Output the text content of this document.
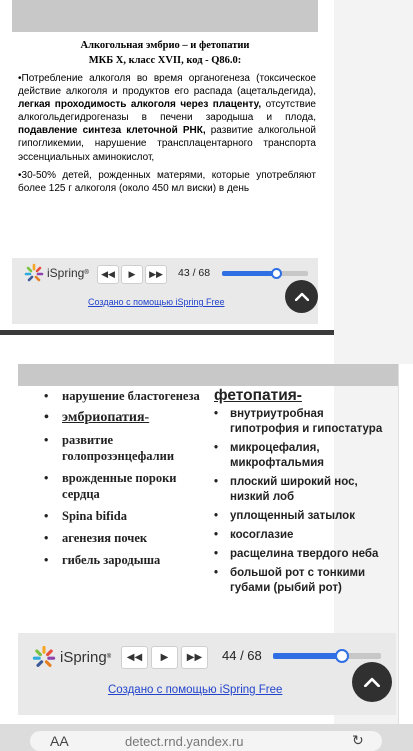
Алкогольная эмбрио – и фетопатии
МКБ Х, класс XVII, код - Q86.0:

•Потребление алкоголя во время органогенеза (токсическое действие алкоголя и продуктов его распада (ацетальдегида), легкая проходимость алкоголя через плаценту, отсутствие алкогольдегидрогеназы в печени зародыша и плода, подавление синтеза клеточной РНК, развитие алкогольной гипогликемии, нарушение трансплацентарного транспорта эссенциальных аминокислот,

•30-50% детей, рожденных матерями, которые употребляют более 125 г алкоголя (около 450 мл виски) в день

iSpring ® ◀◀ ▶ ▶▶ 43 / 68
Создано с помощью iSpring Free
• нарушение бластогенеза
• эмбриопатия-
• развитие голопрозэнцефалии
• врожденные пороки сердца
• Spina bifida
• агенезия почек
• гибель зародыша
фетопатия-
• внутриутробная гипотрофия и гипостатура
• микроцефалия, микрофтальмия
• плоский широкий нос, низкий лоб
• уплощенный затылок
• косоглазие
• расщелина твердого неба
• большой рот с тонкими губами (рыбий рот)
iSpring ® ◀◀ ▶ ▶▶ 44 / 68
Создано с помощью iSpring Free
AA	detect.rnd.yandex.ru	↻
